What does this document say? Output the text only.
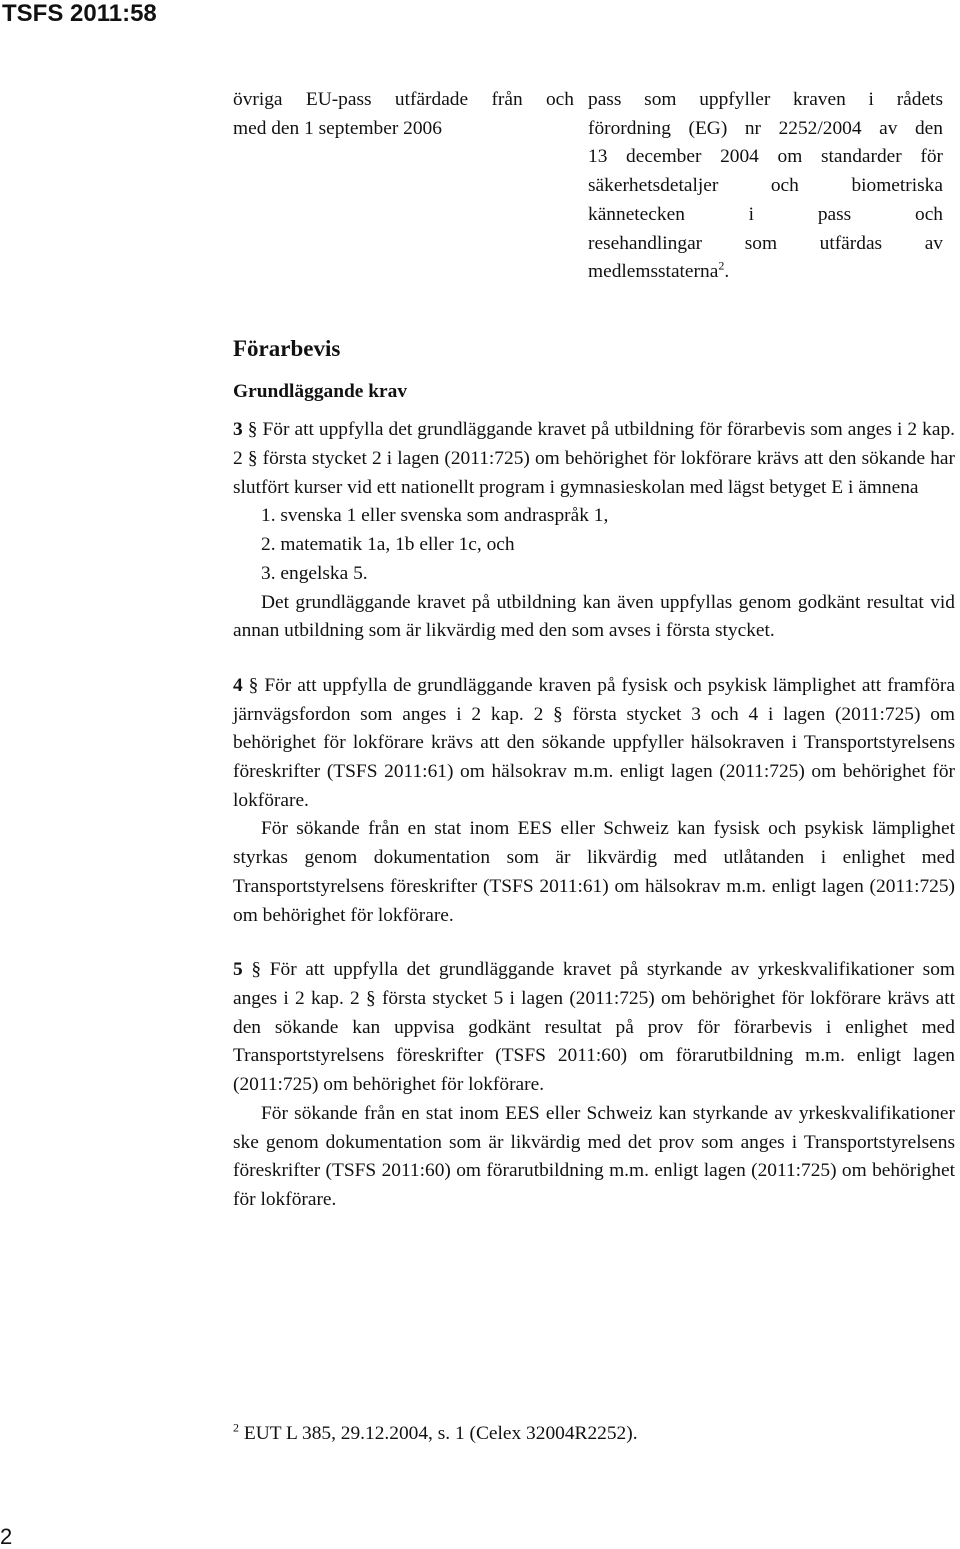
TSFS 2011:58
övriga EU-pass utfärdade från och
med den 1 september 2006
pass som uppfyller kraven i rådets
förordning (EG) nr 2252/2004 av den
13 december 2004 om standarder för
säkerhetsdetaljer och biometriska
kännetecken i pass och
resehandlingar som utfärdas av
medlemsstaterna$^2$.
Förarbevis
Grundläggande krav

3 § För att uppfylla det grundläggande kravet på utbildning för förarbevis som anges i 2 kap. 2 § första stycket 2 i lagen (2011:725) om behörighet för lokförare krävs att den sökande har slutfört kurser vid ett nationellt program i gymnasieskolan med lägst betyget E i ämnena

1. svenska 1 eller svenska som andraspråk 1,
2. matematik 1a, 1b eller 1c, och
3. engelska 5.

Det grundläggande kravet på utbildning kan även uppfyllas genom godkänt resultat vid annan utbildning som är likvärdig med den som avses i första stycket.

4 § För att uppfylla de grundläggande kraven på fysisk och psykisk lämplighet att framföra järnvägsfordon som anges i 2 kap. 2 § första stycket 3 och 4 i lagen (2011:725) om behörighet för lokförare krävs att den sökande uppfyller hälsokraven i Transportstyrelsens föreskrifter (TSFS 2011:61) om hälsokrav m.m. enligt lagen (2011:725) om behörighet för lokförare.

För sökande från en stat inom EES eller Schweiz kan fysisk och psykisk lämplighet styrkas genom dokumentation som är likvärdig med utlåtanden i enlighet med Transportstyrelsens föreskrifter (TSFS 2011:61) om hälsokrav m.m. enligt lagen (2011:725) om behörighet för lokförare.

5 § För att uppfylla det grundläggande kravet på styrkande av yrkeskvalifikationer som anges i 2 kap. 2 § första stycket 5 i lagen (2011:725) om behörighet för lokförare krävs att den sökande kan uppvisa godkänt resultat på prov för förarbevis i enlighet med Transportstyrelsens föreskrifter (TSFS 2011:60) om förarutbildning m.m. enligt lagen (2011:725) om behörighet för lokförare.

För sökande från en stat inom EES eller Schweiz kan styrkande av yrkeskvalifikationer ske genom dokumentation som är likvärdig med det prov som anges i Transportstyrelsens föreskrifter (TSFS 2011:60) om förarutbildning m.m. enligt lagen (2011:725) om behörighet för lokförare.

$^2$ EUT L 385, 29.12.2004, s. 1 (Celex 32004R2252).
2
